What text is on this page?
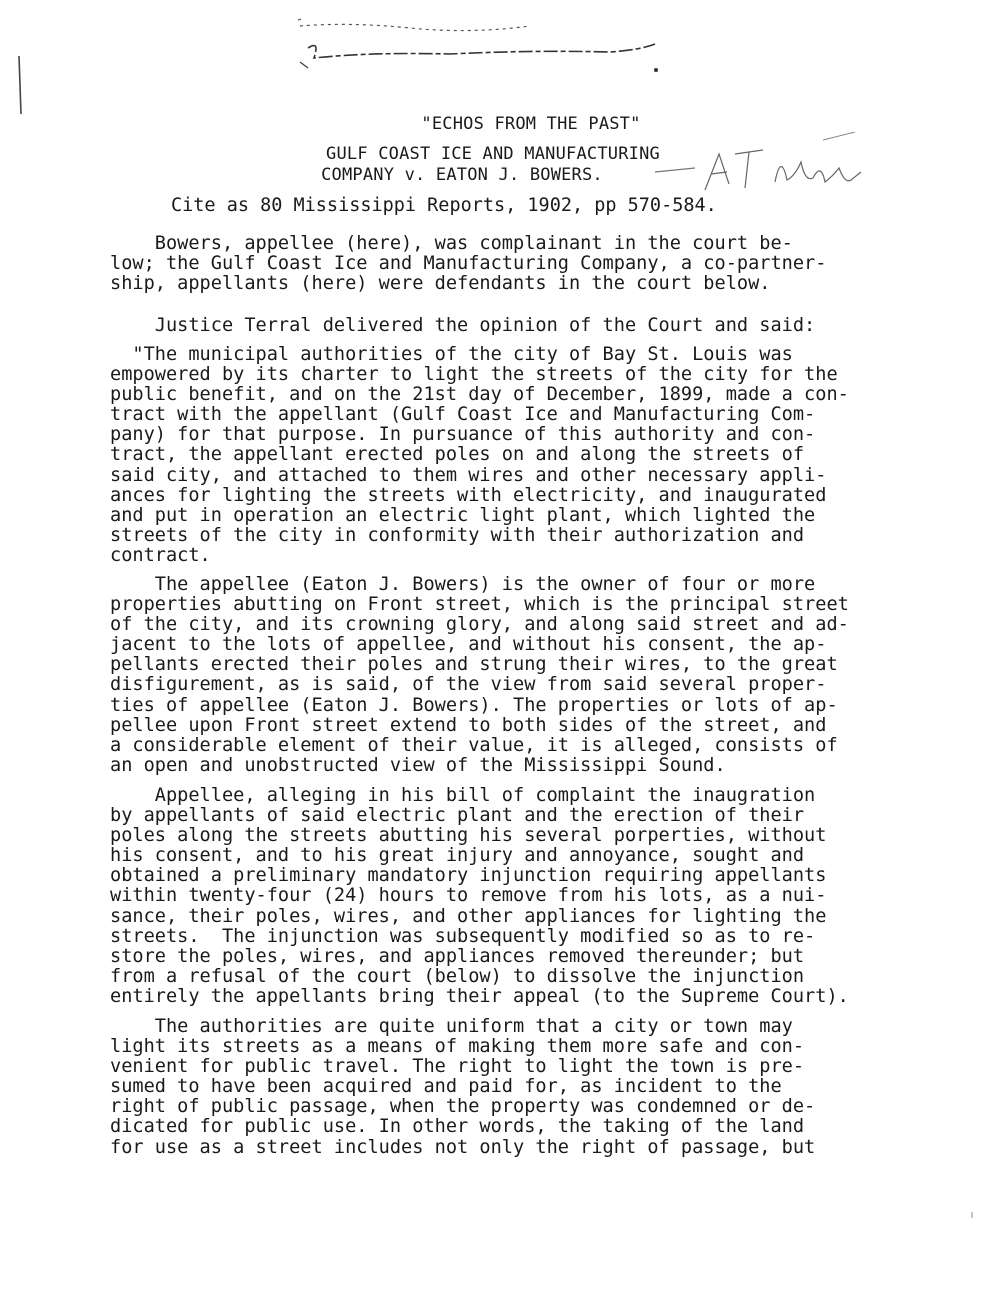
"ECHOS FROM THE PAST"
GULF COAST ICE AND MANUFACTURING
COMPANY v. EATON J. BOWERS.
Cite as 80 Mississippi Reports, 1902, pp 570-584.
Bowers, appellee (here), was complainant in the court be-
low; the Gulf Coast Ice and Manufacturing Company, a co-partner-
ship, appellants (here) were defendants in the court below.
Justice Terral delivered the opinion of the Court and said:
"The municipal authorities of the city of Bay St. Louis was
empowered by its charter to light the streets of the city for the
public benefit, and on the 21st day of December, 1899, made a con-
tract with the appellant (Gulf Coast Ice and Manufacturing Com-
pany) for that purpose. In pursuance of this authority and con-
tract, the appellant erected poles on and along the streets of
said city, and attached to them wires and other necessary appli-
ances for lighting the streets with electricity, and inaugurated
and put in operation an electric light plant, which lighted the
streets of the city in conformity with their authorization and
contract.
The appellee (Eaton J. Bowers) is the owner of four or more
properties abutting on Front street, which is the principal street
of the city, and its crowning glory, and along said street and ad-
jacent to the lots of appellee, and without his consent, the ap-
pellants erected their poles and strung their wires, to the great
disfigurement, as is said, of the view from said several proper-
ties of appellee (Eaton J. Bowers). The properties or lots of ap-
pellee upon Front street extend to both sides of the street, and
a considerable element of their value, it is alleged, consists of
an open and unobstructed view of the Mississippi Sound.
Appellee, alleging in his bill of complaint the inaugration
by appellants of said electric plant and the erection of their
poles along the streets abutting his several porperties, without
his consent, and to his great injury and annoyance, sought and
obtained a preliminary mandatory injunction requiring appellants
within twenty-four (24) hours to remove from his lots, as a nui-
sance, their poles, wires, and other appliances for lighting the
streets.  The injunction was subsequently modified so as to re-
store the poles, wires, and appliances removed thereunder; but
from a refusal of the court (below) to dissolve the injunction
entirely the appellants bring their appeal (to the Supreme Court).
The authorities are quite uniform that a city or town may
light its streets as a means of making them more safe and con-
venient for public travel. The right to light the town is pre-
sumed to have been acquired and paid for, as incident to the
right of public passage, when the property was condemned or de-
dicated for public use. In other words, the taking of the land
for use as a street includes not only the right of passage, but
